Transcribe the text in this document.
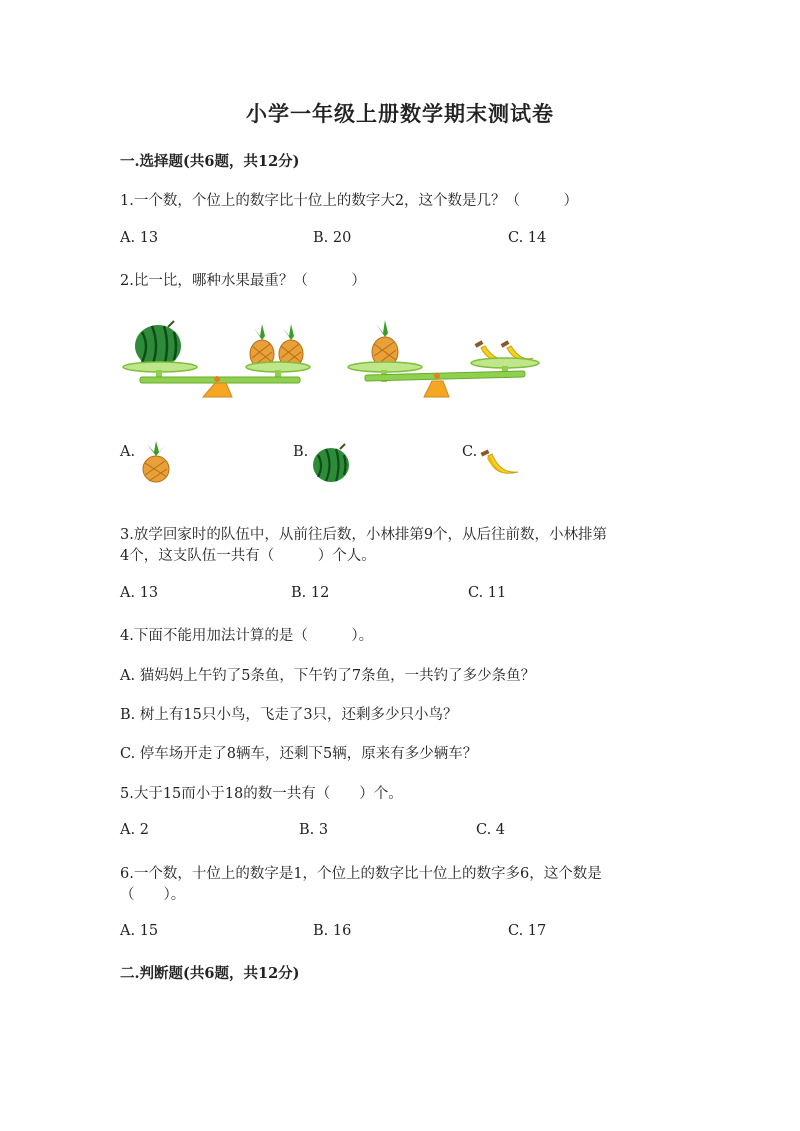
小学一年级上册数学期末测试卷
一.选择题(共6题，共12分)
1.一个数，个位上的数字比十位上的数字大2，这个数是几？（　　　）
A. 13	B. 20	C. 14
2.比一比，哪种水果最重？（　　　）
A.	B.	C.
3.放学回家时的队伍中，从前往后数，小林排第9个，从后往前数，小林排第
4个，这支队伍一共有（　　　）个人。
A. 13	B. 12	C. 11
4.下面不能用加法计算的是（　　　）。
A. 猫妈妈上午钓了5条鱼，下午钓了7条鱼，一共钓了多少条鱼？
B. 树上有15只小鸟，飞走了3只，还剩多少只小鸟？
C. 停车场开走了8辆车，还剩下5辆，原来有多少辆车？
5.大于15而小于18的数一共有（　　）个。
A. 2	B. 3	C. 4
6.一个数，十位上的数字是1，个位上的数字比十位上的数字多6，这个数是
（　　）。
A. 15	B. 16	C. 17
二.判断题(共6题，共12分)
